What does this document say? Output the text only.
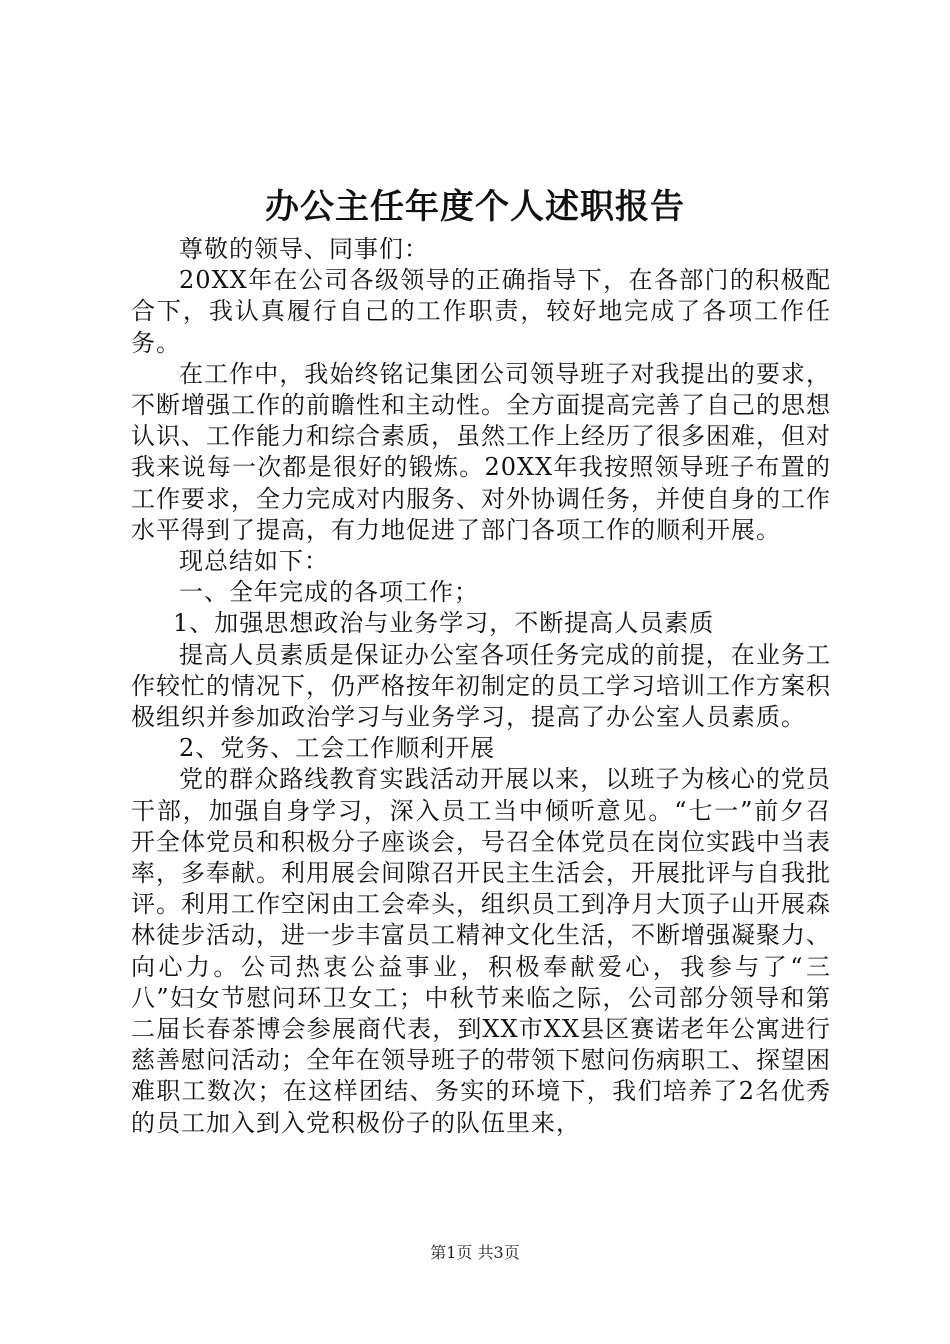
办公主任年度个人述职报告

尊敬的领导、同事们：

20XX年在公司各级领导的正确指导下，在各部门的积极配合下，我认真履行自己的工作职责，较好地完成了各项工作任务。

在工作中，我始终铭记集团公司领导班子对我提出的要求，不断增强工作的前瞻性和主动性。全方面提高完善了自己的思想认识、工作能力和综合素质，虽然工作上经历了很多困难，但对我来说每一次都是很好的锻炼。20XX年我按照领导班子布置的工作要求，全力完成对内服务、对外协调任务，并使自身的工作水平得到了提高，有力地促进了部门各项工作的顺利开展。

现总结如下：

一、全年完成的各项工作；

1、加强思想政治与业务学习，不断提高人员素质

提高人员素质是保证办公室各项任务完成的前提，在业务工作较忙的情况下，仍严格按年初制定的员工学习培训工作方案积极组织并参加政治学习与业务学习，提高了办公室人员素质。

2、党务、工会工作顺利开展

党的群众路线教育实践活动开展以来，以班子为核心的党员干部，加强自身学习，深入员工当中倾听意见。“七一”前夕召开全体党员和积极分子座谈会，号召全体党员在岗位实践中当表率，多奉献。利用展会间隙召开民主生活会，开展批评与自我批评。利用工作空闲由工会牵头，组织员工到净月大顶子山开展森林徒步活动，进一步丰富员工精神文化生活，不断增强凝聚力、向心力。公司热衷公益事业，积极奉献爱心，我参与了“三八”妇女节慰问环卫女工；中秋节来临之际，公司部分领导和第二届长春茶博会参展商代表，到XX市XX县区赛诺老年公寓进行慈善慰问活动；全年在领导班子的带领下慰问伤病职工、探望困难职工数次；在这样团结、务实的环境下，我们培养了2名优秀的员工加入到入党积极份子的队伍里来，

第1页 共3页
